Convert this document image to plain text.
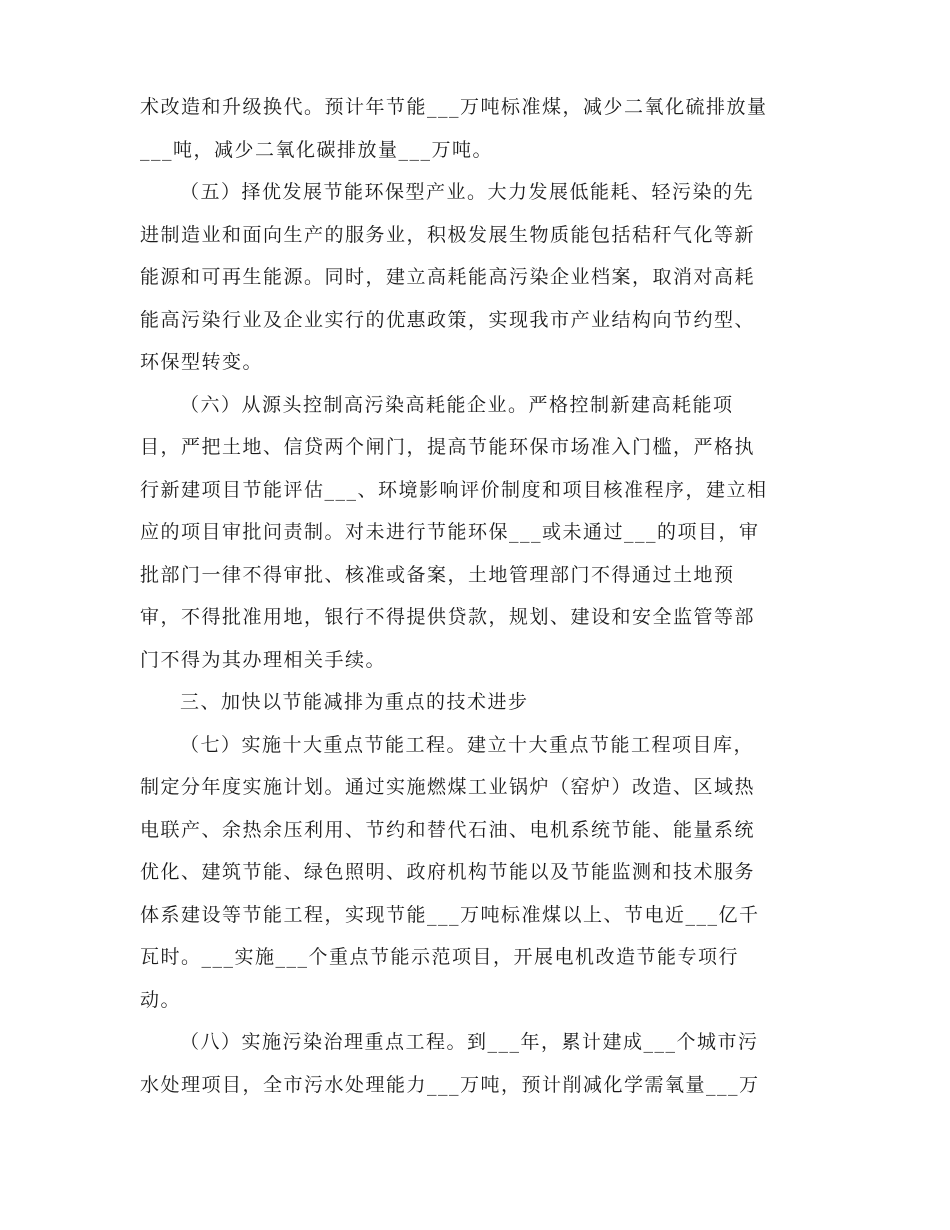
术改造和升级换代。预计年节能___万吨标准煤，减少二氧化硫排放量
___吨，减少二氧化碳排放量___万吨。
（五）择优发展节能环保型产业。大力发展低能耗、轻污染的先
进制造业和面向生产的服务业，积极发展生物质能包括秸秆气化等新
能源和可再生能源。同时，建立高耗能高污染企业档案，取消对高耗
能高污染行业及企业实行的优惠政策，实现我市产业结构向节约型、
环保型转变。
（六）从源头控制高污染高耗能企业。严格控制新建高耗能项
目，严把土地、信贷两个闸门，提高节能环保市场准入门槛，严格执
行新建项目节能评估___、环境影响评价制度和项目核准程序，建立相
应的项目审批问责制。对未进行节能环保___或未通过___的项目，审
批部门一律不得审批、核准或备案，土地管理部门不得通过土地预
审，不得批准用地，银行不得提供贷款，规划、建设和安全监管等部
门不得为其办理相关手续。
三、加快以节能减排为重点的技术进步
（七）实施十大重点节能工程。建立十大重点节能工程项目库，
制定分年度实施计划。通过实施燃煤工业锅炉（窑炉）改造、区域热
电联产、余热余压利用、节约和替代石油、电机系统节能、能量系统
优化、建筑节能、绿色照明、政府机构节能以及节能监测和技术服务
体系建设等节能工程，实现节能___万吨标准煤以上、节电近___亿千
瓦时。___实施___个重点节能示范项目，开展电机改造节能专项行
动。
（八）实施污染治理重点工程。到___年，累计建成___个城市污
水处理项目，全市污水处理能力___万吨，预计削减化学需氧量___万
